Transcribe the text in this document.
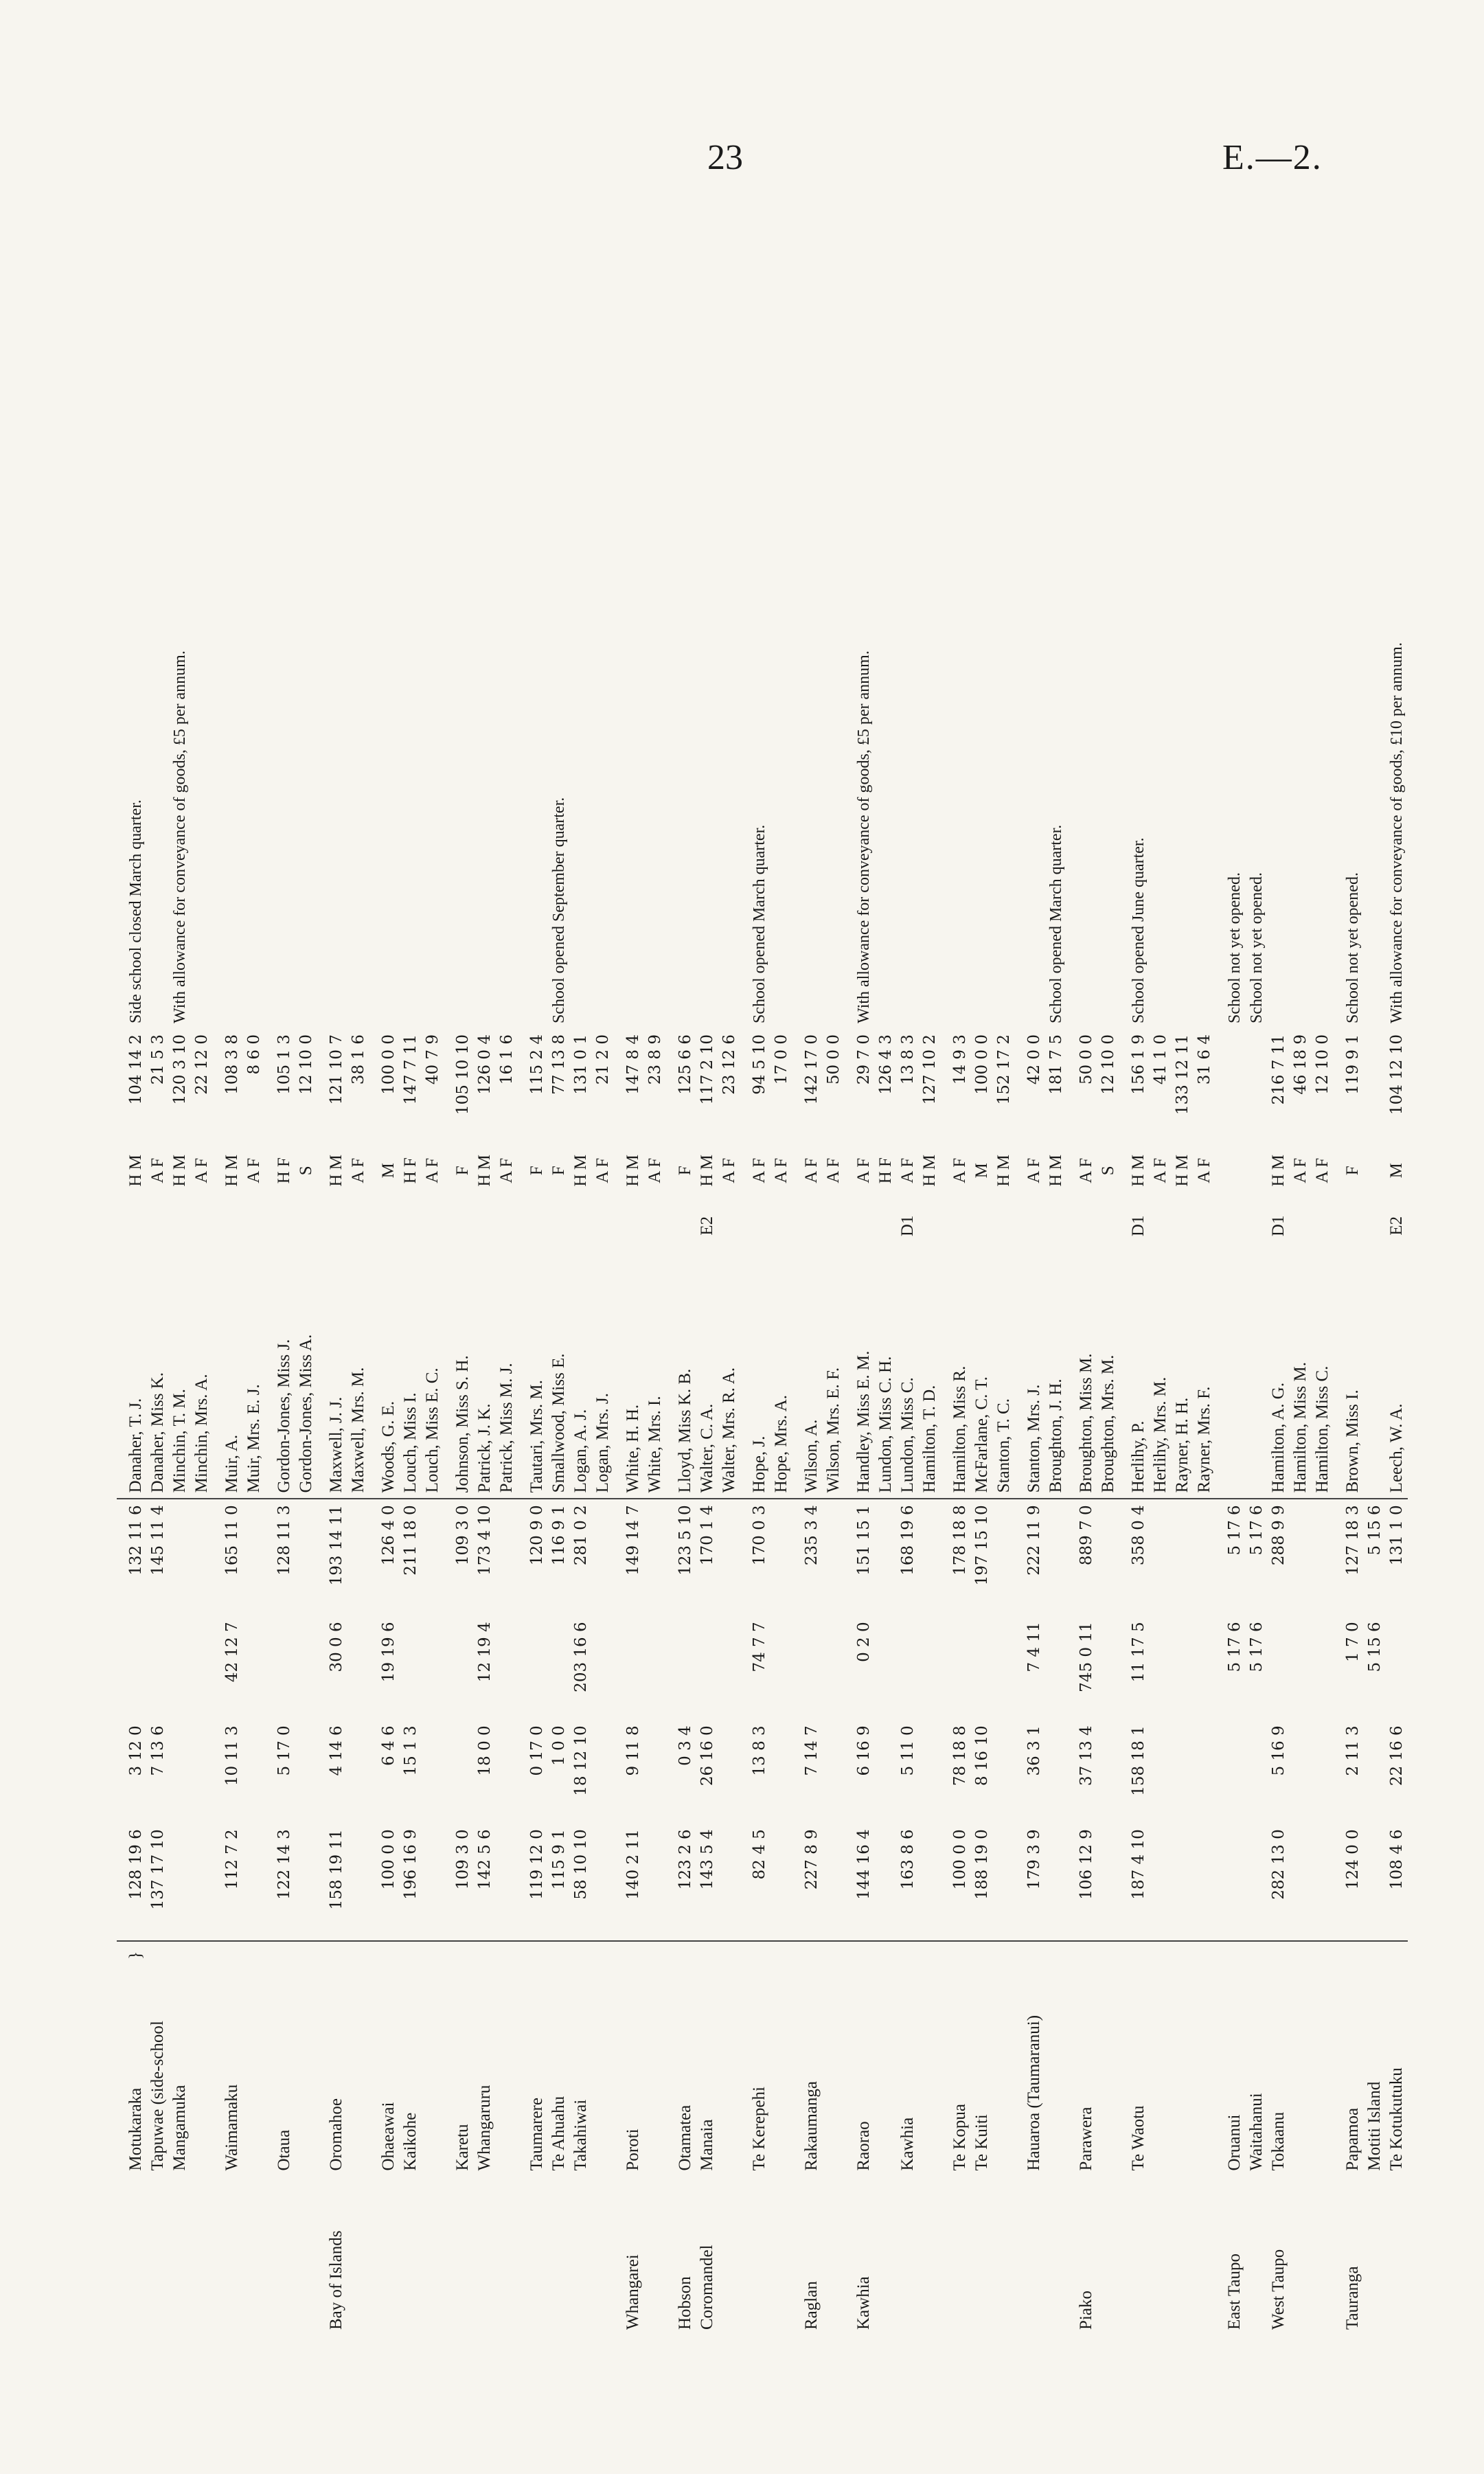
23	E.—2.
	Motukaraka	}	128 19 6	3 12 0		132 11 6	Danaher, T. J.		H M	104 14 2	Side school closed March quarter.
	Tapuwae (side-school		137 17 10	7 13 6		145 11 4	Danaher, Miss K.		A F	21 5 3	
	Mangamuka						Minchin, T. M.		H M	120 3 10	With allowance for conveyance of goods, £5 per annum.
							Minchin, Mrs. A.		A F	22 12 0	
	Waimamaku		112 7 2	10 11 3	42 12 7	165 11 0	Muir, A.		H M	108 3 8	
							Muir, Mrs. E. J.		A F	8 6 0	
	Otaua		122 14 3	5 17 0		128 11 3	Gordon-Jones, Miss J.		H F	105 1 3	
							Gordon-Jones, Miss A.		S	12 10 0	
Bay of Islands	Oromahoe		158 19 11	4 14 6	30 0 6	193 14 11	Maxwell, J. J.		H M	121 10 7	
							Maxwell, Mrs. M.		A F	38 1 6	
	Ohaeawai		100 0 0	6 4 6	19 19 6	126 4 0	Woods, G. E.		M	100 0 0	
	Kaikohe		196 16 9	15 1 3		211 18 0	Louch, Miss I.		H F	147 7 11	
							Louch, Miss E. C.		A F	40 7 9	
	Karetu		109 3 0			109 3 0	Johnson, Miss S. H.		F	105 10 10	
	Whangaruru		142 5 6	18 0 0	12 19 4	173 4 10	Patrick, J. K.		H M	126 0 4	
							Patrick, Miss M. J.		A F	16 1 6	
	Taumarere		119 12 0	0 17 0		120 9 0	Tautari, Mrs. M.		F	115 2 4	
	Te Ahuahu		115 9 1	1 0 0		116 9 1	Smallwood, Miss E.		F	77 13 8	School opened September quarter.
	Takahiwai		58 10 10	18 12 10	203 16 6	281 0 2	Logan, A. J.		H M	131 0 1	
							Logan, Mrs. J.		A F	21 2 0	
Whangarei	Poroti		140 2 11	9 11 8		149 14 7	White, H. H.		H M	147 8 4	
							White, Mrs. I.		A F	23 8 9	
Hobson	Otamatea		123 2 6	0 3 4		123 5 10	Lloyd, Miss K. B.		F	125 6 6	
Coromandel	Manaia		143 5 4	26 16 0		170 1 4	Walter, C. A.	E2	H M	117 2 10	
							Walter, Mrs. R. A.		A F	23 12 6	
	Te Kerepehi		82 4 5	13 8 3	74 7 7	170 0 3	Hope, J.		A F	94 5 10	School opened March quarter.
							Hope, Mrs. A.		A F	17 0 0	
Raglan	Rakaumanga		227 8 9	7 14 7		235 3 4	Wilson, A.		A F	142 17 0	
							Wilson, Mrs. E. F.		A F	50 0 0	
Kawhia	Raorao		144 16 4	6 16 9	0 2 0	151 15 1	Handley, Miss E. M.		A F	29 7 0	With allowance for conveyance of goods, £5 per annum.
							Lundon, Miss C. H.		H F	126 4 3	
	Kawhia		163 8 6	5 11 0		168 19 6	Lundon, Miss C.	D1	A F	13 8 3	
							Hamilton, T. D.		H M	127 10 2	
	Te Kopua		100 0 0	78 18 8		178 18 8	Hamilton, Miss R.		A F	14 9 3	
	Te Kuiti		188 19 0	8 16 10		197 15 10	McFarlane, C. T.		M	100 0 0	
							Stanton, T. C.		H M	152 17 2	
	Hauaroa (Taumaranui)		179 3 9	36 3 1	7 4 11	222 11 9	Stanton, Mrs. J.		A F	42 0 0	
							Broughton, J. H.		H M	181 7 5	School opened March quarter.
Piako	Parawera		106 12 9	37 13 4	745 0 11	889 7 0	Broughton, Miss M.		A F	50 0 0	
							Broughton, Mrs. M.		S	12 10 0	
	Te Waotu		187 4 10	158 18 1	11 17 5	358 0 4	Herlihy, P.	D1	H M	156 1 9	School opened June quarter.
							Herlihy, Mrs. M.		A F	41 1 0	
							Rayner, H. H.		H M	133 12 11	
							Rayner, Mrs. F.		A F	31 6 4	
East Taupo	Oruanui				5 17 6	5 17 6					School not yet opened.
	Waitahanui				5 17 6	5 17 6					School not yet opened.
West Taupo	Tokaanu		282 13 0	5 16 9		288 9 9	Hamilton, A. G.	D1	H M	216 7 11	
							Hamilton, Miss M.		A F	46 18 9	
							Hamilton, Miss C.		A F	12 10 0	
Tauranga	Papamoa		124 0 0	2 11 3	1 7 0	127 18 3	Brown, Miss I.		F	119 9 1	School not yet opened.
	Motiti Island				5 15 6	5 15 6					
	Te Kotukutuku		108 4 6	22 16 6		131 1 0	Leech, W. A.	E2	M	104 12 10	With allowance for conveyance of goods, £10 per annum.
